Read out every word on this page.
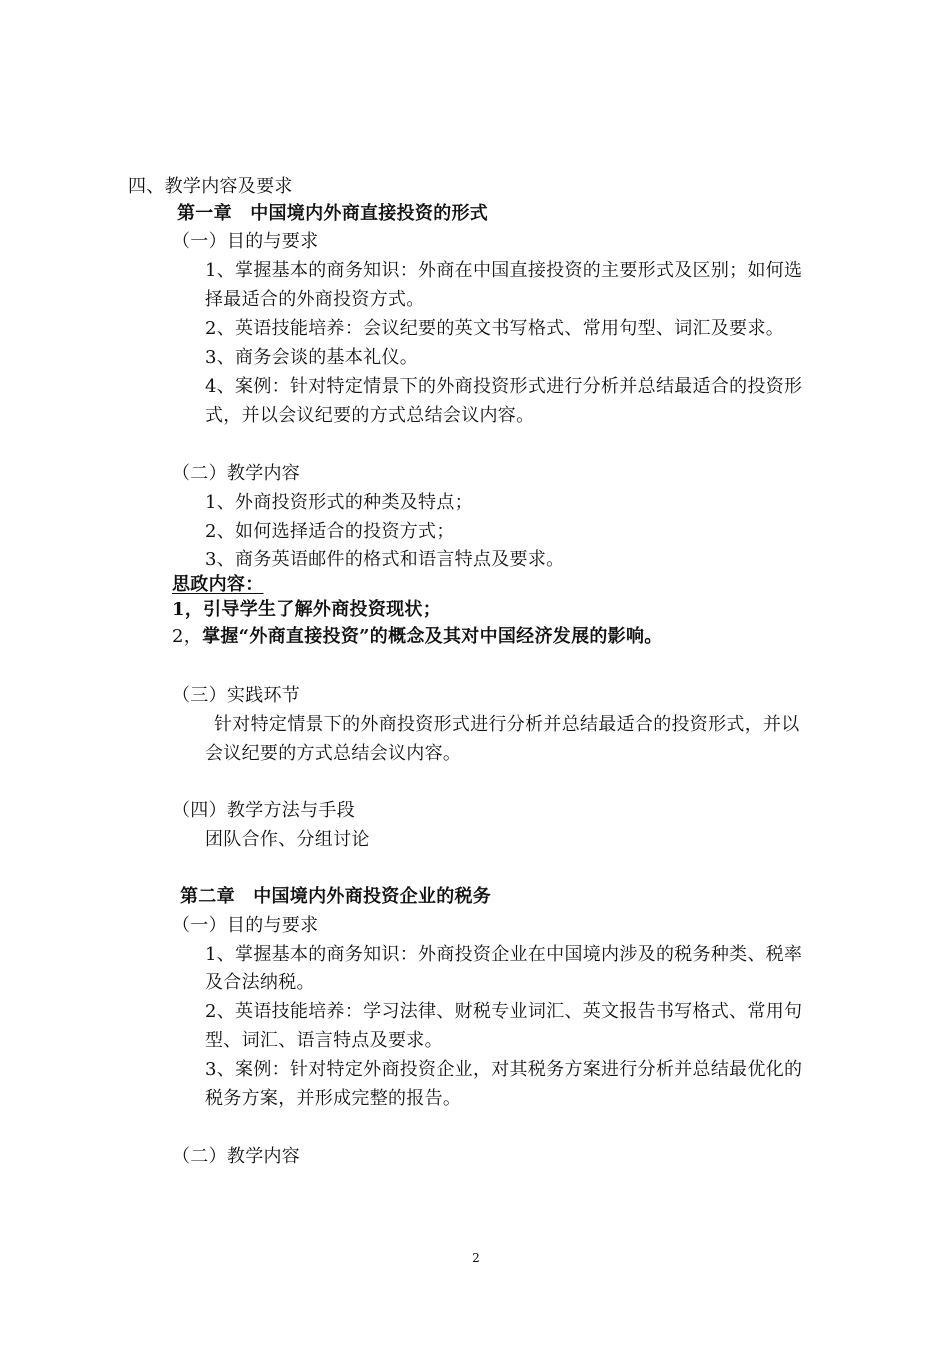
四、教学内容及要求
第一章　中国境内外商直接投资的形式
（一）目的与要求
1、掌握基本的商务知识：外商在中国直接投资的主要形式及区别；如何选
择最适合的外商投资方式。
2、英语技能培养：会议纪要的英文书写格式、常用句型、词汇及要求。
3、商务会谈的基本礼仪。
4、案例：针对特定情景下的外商投资形式进行分析并总结最适合的投资形
式，并以会议纪要的方式总结会议内容。
（二）教学内容
1、外商投资形式的种类及特点；
2、如何选择适合的投资方式；
3、商务英语邮件的格式和语言特点及要求。
思政内容：
1，引导学生了解外商投资现状；
2，掌握“外商直接投资”的概念及其对中国经济发展的影响。
（三）实践环节
针对特定情景下的外商投资形式进行分析并总结最适合的投资形式，并以
会议纪要的方式总结会议内容。
（四）教学方法与手段
团队合作、分组讨论
第二章　中国境内外商投资企业的税务
（一）目的与要求
1、掌握基本的商务知识：外商投资企业在中国境内涉及的税务种类、税率
及合法纳税。
2、英语技能培养：学习法律、财税专业词汇、英文报告书写格式、常用句
型、词汇、语言特点及要求。
3、案例：针对特定外商投资企业，对其税务方案进行分析并总结最优化的
税务方案，并形成完整的报告。
（二）教学内容
2
